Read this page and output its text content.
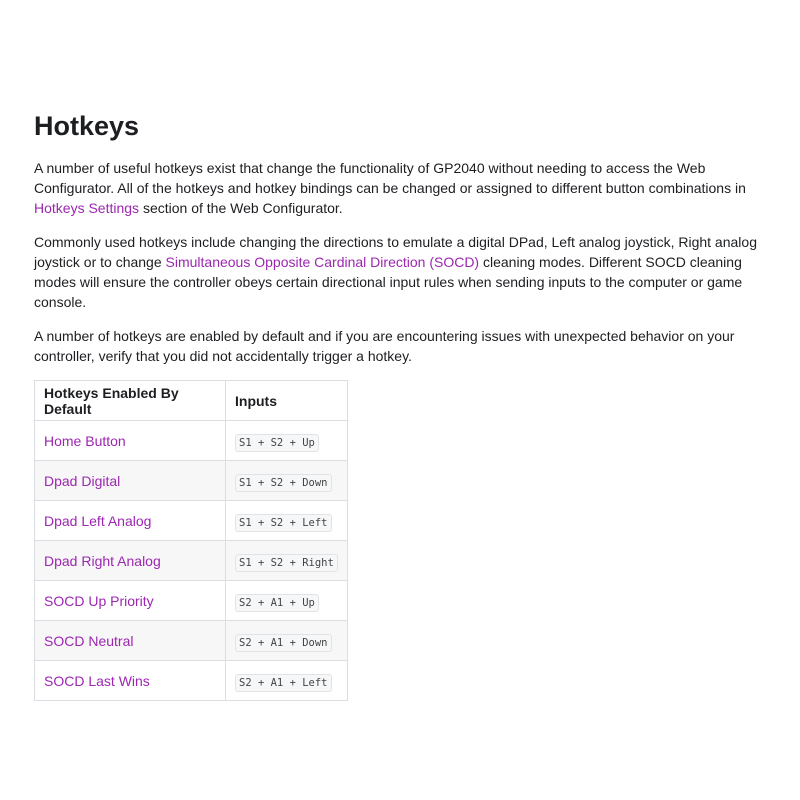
Hotkeys

A number of useful hotkeys exist that change the functionality of GP2040 without needing to access the Web Configurator. All of the hotkeys and hotkey bindings can be changed or assigned to different button combinations in Hotkeys Settings section of the Web Configurator.

Commonly used hotkeys include changing the directions to emulate a digital DPad, Left analog joystick, Right analog joystick or to change Simultaneous Opposite Cardinal Direction (SOCD) cleaning modes. Different SOCD cleaning modes will ensure the controller obeys certain directional input rules when sending inputs to the computer or game console.

A number of hotkeys are enabled by default and if you are encountering issues with unexpected behavior on your controller, verify that you did not accidentally trigger a hotkey.

Hotkeys Enabled By Default	Inputs
Home Button	S1 + S2 + Up
Dpad Digital	S1 + S2 + Down
Dpad Left Analog	S1 + S2 + Left
Dpad Right Analog	S1 + S2 + Right
SOCD Up Priority	S2 + A1 + Up
SOCD Neutral	S2 + A1 + Down
SOCD Last Wins	S2 + A1 + Left
